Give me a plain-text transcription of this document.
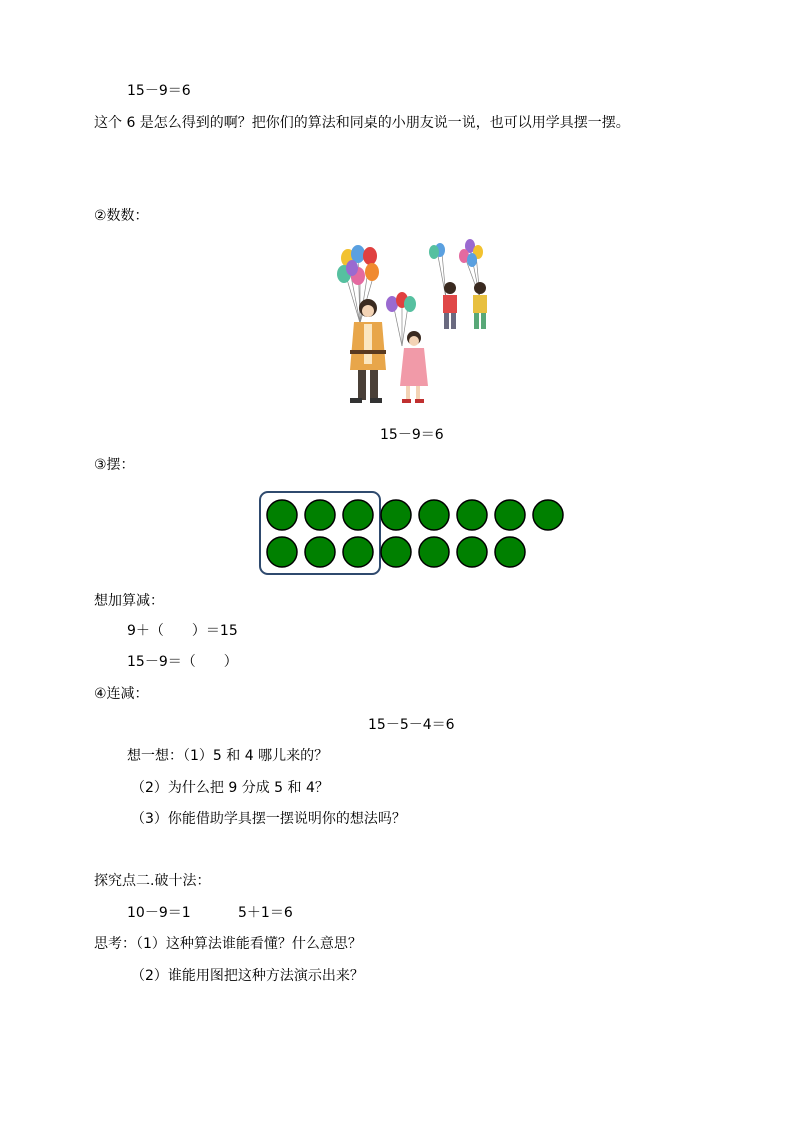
15－9＝6
这个 6 是怎么得到的啊？把你们的算法和同桌的小朋友说一说，也可以用学具摆一摆。
②数数：
15－9＝6
③摆：
想加算减：
9＋（　　）＝15
15－9＝（　　）
④连减：
15－5－4＝6
想一想：（1）5 和 4 哪儿来的？
（2）为什么把 9 分成 5 和 4？
（3）你能借助学具摆一摆说明你的想法吗？
探究点二.破十法：
10－9＝1	5＋1＝6
思考：（1）这种算法谁能看懂？什么意思？
（2）谁能用图把这种方法演示出来？
